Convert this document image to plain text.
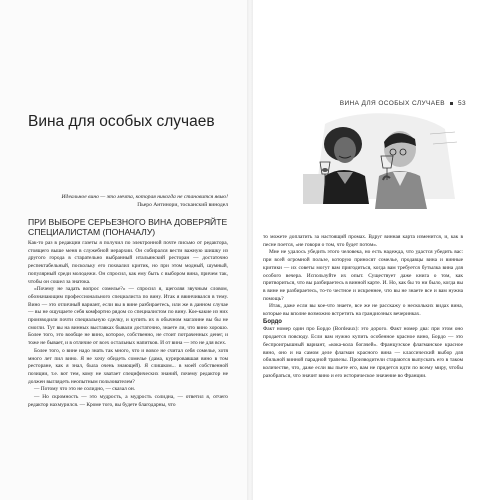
ВИНА ДЛЯ ОСОБЫХ СЛУЧАЕВ 53
Вина для особых случаев
Идеальное вино — это мечта, которая никогда не становится явью!
Пьеро Антинори, тосканский винодел
ПРИ ВЫБОРЕ СЕРЬЕЗНОГО ВИНА ДОВЕРЯЙТЕ СПЕЦИАЛИСТАМ (ПОНАЧАЛУ)

Как-то раз в редакции газеты я получил по электронной почте письмо от редактора, стоящего выше меня в служебной иерархии. Он собирался вести важную шишку из другого города в старательно выбранный итальянский ресторан — достаточно респектабельный, поскольку его похвалил критик, но при этом модный, шумный, популярный среди молодежи. Он спросил, как ему быть с выбором вина, причем так, чтобы он сошел за знатока.

«Почему не задать вопрос сомелье?» — спросил я, щеголяя звучным словом, обозначающим профессионального специалиста по вину. Итак я ввинчивался в тему. Вино — это отличный вариант, если вы в вине разбираетесь, или же в данном случае — вы не ощущаете себя комфортно рядом со специалистом по вину. Кое-какие из них производили почти специальную сделку, и купить их в обычном магазине вы бы не смогли. Тут вы на винных выставках бывали достаточно, знаете ли, что вино хорошо. Более того, это вообще не вино, которое, собственно, не стоит потраченных денег, и тоже не бывает, и в отличие от всех остальных напитков. И от вина — это не для всех.

Более того, о вине надо знать так много, что и вовсе не считал себя сомелье, хотя много лет пил вино. Я не хочу обидеть сомелье (дама, курировавшая вино в том ресторане, как я знал, была очень знающей). Я слишком... в моей собственной позиции, т.е. вот тем, кому не хватает специфических знаний, почему редактор не должен выглядеть неопытным пользователем?

— Потому что это не солидно, — сказал он.

— Но скромность — это мудрость, а мудрость солидна, — ответил я, отчего редактор нахмурился. — Кроме того, вы будете благодарны, что

то можете доплатить за настоящий промах. Вдруг винная карта изменится, и, как в песне поется, «не говори о том, что будет потом».

Мне не удалось убедить этого человека, но есть надежда, что удастся убедить вас: при всей огромной пользе, которую приносят сомелье, продавцы вина и винные критики — их советы могут вам пригодиться, когда вам требуется бутылка вина для особого вечера. Используйте их опыт. Существует даже книга о том, как притвориться, что вы разбираетесь в винной карте. И. Но, как бы то ни было, когда вы в вине не разбираетесь, то-то честное и искреннее, что вы не знаете все и вам нужна помощь?

Итак, даже если вы кое-что знаете, все же не расскажу о нескольких видах вина, которые вы вполне возможно встретить на грандиозных вечеринках.

Бордо

Факт номер один про Бордо (Bordeaux): это дорого. Факт номер два: при этом оно продается повсюду. Если вам нужно купить особенное красное вино, Бордо — это беспроигрышный вариант, «кока-кола богачей». Французское флагманское красное вино, оно и на самом деле флагман красного вина — классический выбор для обильной винной парадной трапезы. Производители стараются выпускать его в таком количестве, что, даже если вы пьете его, вам не придется идти по всему миру, чтобы разобраться, что значит вино и его историческое значение во Франции.
